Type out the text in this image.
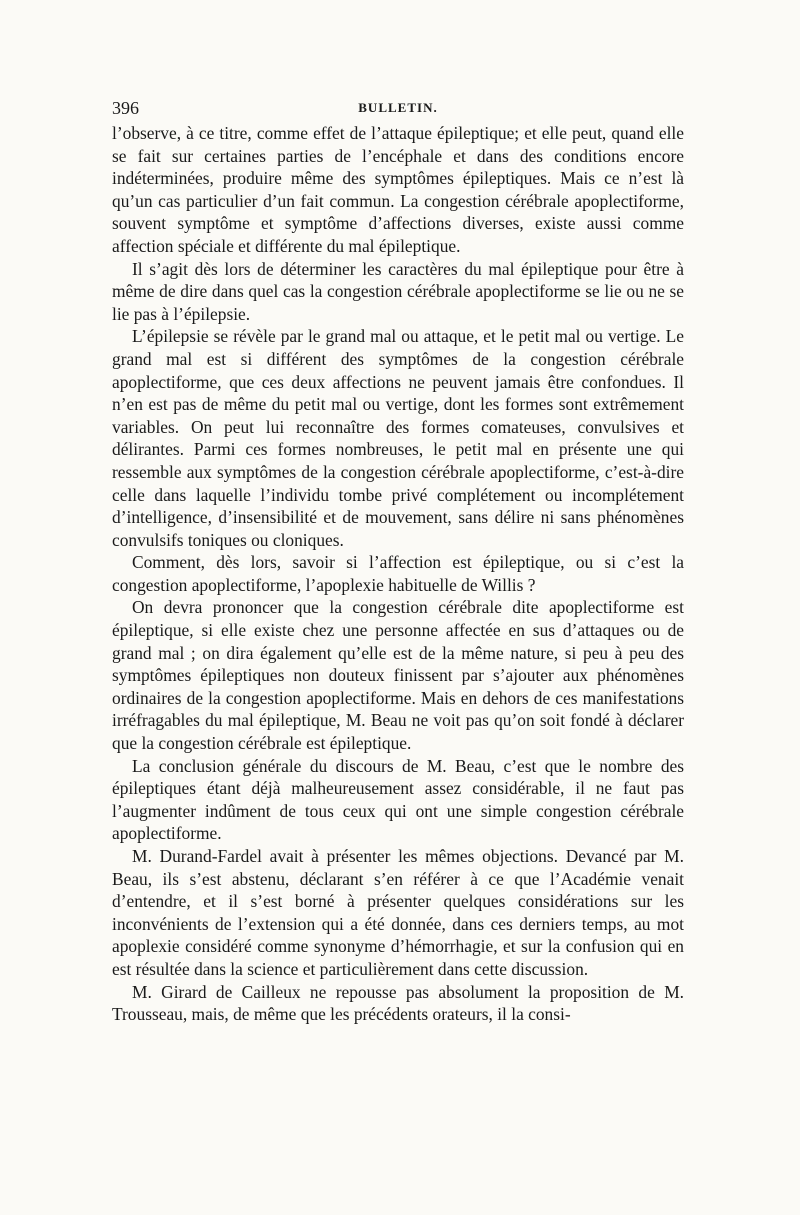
396	BULLETIN.

l’observe, à ce titre, comme effet de l’attaque épileptique; et elle peut, quand elle se fait sur certaines parties de l’encéphale et dans des conditions encore indéterminées, produire même des symptômes épileptiques. Mais ce n’est là qu’un cas particulier d’un fait commun. La congestion cérébrale apoplectiforme, souvent symptôme et symptôme d’affections diverses, existe aussi comme affection spéciale et différente du mal épileptique.

Il s’agit dès lors de déterminer les caractères du mal épileptique pour être à même de dire dans quel cas la congestion cérébrale apoplectiforme se lie ou ne se lie pas à l’épilepsie.

L’épilepsie se révèle par le grand mal ou attaque, et le petit mal ou vertige. Le grand mal est si différent des symptômes de la congestion cérébrale apoplectiforme, que ces deux affections ne peuvent jamais être confondues. Il n’en est pas de même du petit mal ou vertige, dont les formes sont extrêmement variables. On peut lui reconnaître des formes comateuses, convulsives et délirantes. Parmi ces formes nombreuses, le petit mal en présente une qui ressemble aux symptômes de la congestion cérébrale apoplectiforme, c’est-à-dire celle dans laquelle l’individu tombe privé complétement ou incomplétement d’intelligence, d’insensibilité et de mouvement, sans délire ni sans phénomènes convulsifs toniques ou cloniques.

Comment, dès lors, savoir si l’affection est épileptique, ou si c’est la congestion apoplectiforme, l’apoplexie habituelle de Willis ?

On devra prononcer que la congestion cérébrale dite apoplectiforme est épileptique, si elle existe chez une personne affectée en sus d’attaques ou de grand mal ; on dira également qu’elle est de la même nature, si peu à peu des symptômes épileptiques non douteux finissent par s’ajouter aux phénomènes ordinaires de la congestion apoplectiforme. Mais en dehors de ces manifestations irréfragables du mal épileptique, M. Beau ne voit pas qu’on soit fondé à déclarer que la congestion cérébrale est épileptique.

La conclusion générale du discours de M. Beau, c’est que le nombre des épileptiques étant déjà malheureusement assez considérable, il ne faut pas l’augmenter indûment de tous ceux qui ont une simple congestion cérébrale apoplectiforme.

M. Durand-Fardel avait à présenter les mêmes objections. Devancé par M. Beau, ils s’est abstenu, déclarant s’en référer à ce que l’Académie venait d’entendre, et il s’est borné à présenter quelques considérations sur les inconvénients de l’extension qui a été donnée, dans ces derniers temps, au mot apoplexie considéré comme synonyme d’hémorrhagie, et sur la confusion qui en est résultée dans la science et particulièrement dans cette discussion.

M. Girard de Cailleux ne repousse pas absolument la proposition de M. Trousseau, mais, de même que les précédents orateurs, il la consi-
